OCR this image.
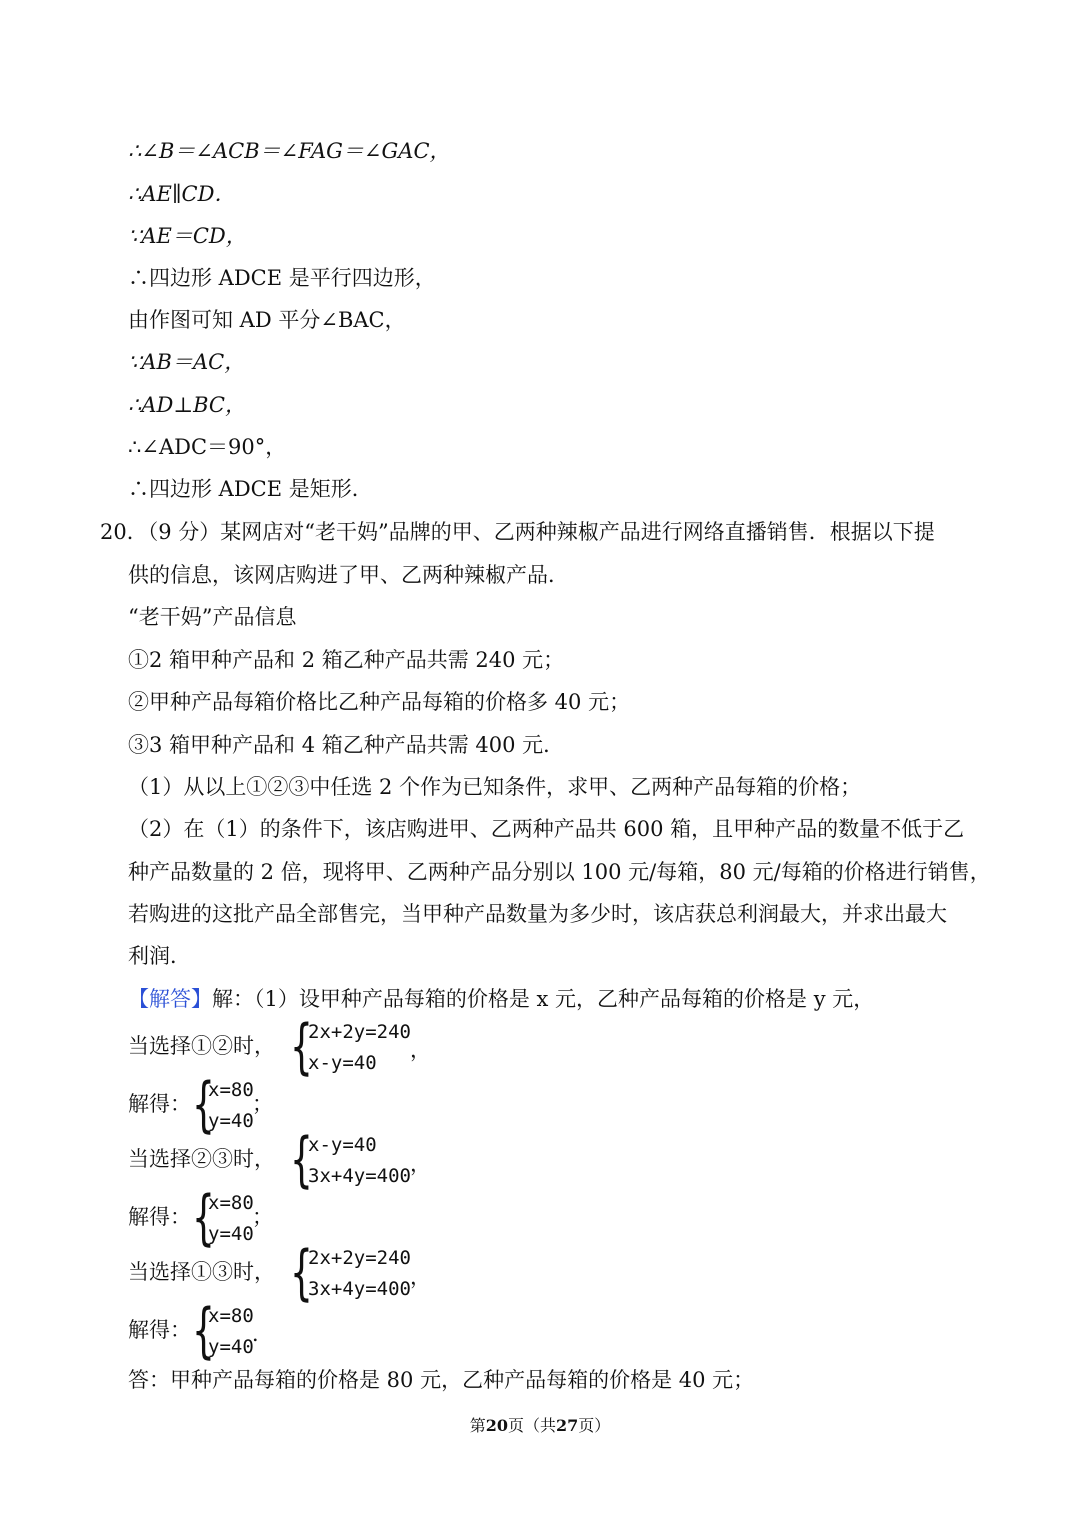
∴∠B＝∠ACB＝∠FAG＝∠GAC，
∴AE∥CD．
∵AE＝CD，
∴四边形 ADCE 是平行四边形，
由作图可知 AD 平分∠BAC，
∵AB＝AC，
∴AD⊥BC，
∴∠ADC＝90°，
∴四边形 ADCE 是矩形．
20．（9 分）某网店对“老干妈”品牌的甲、乙两种辣椒产品进行网络直播销售．根据以下提
供的信息，该网店购进了甲、乙两种辣椒产品．
“老干妈”产品信息
①2 箱甲种产品和 2 箱乙种产品共需 240 元；
②甲种产品每箱价格比乙种产品每箱的价格多 40 元；
③3 箱甲种产品和 4 箱乙种产品共需 400 元．
（1）从以上①②③中任选 2 个作为已知条件，求甲、乙两种产品每箱的价格；
（2）在（1）的条件下，该店购进甲、乙两种产品共 600 箱，且甲种产品的数量不低于乙
种产品数量的 2 倍，现将甲、乙两种产品分别以 100 元/每箱，80 元/每箱的价格进行销售，
若购进的这批产品全部售完，当甲种产品数量为多少时，该店获总利润最大，并求出最大
利润．
【解答】解：（1）设甲种产品每箱的价格是 x 元，乙种产品每箱的价格是 y 元，
当选择①②时， {
2x+2y=240
x-y=40
，
解得： {
x=80
y=40
；
当选择②③时， {
x-y=40
3x+4y=400 ，
解得： {
x=80
y=40
；
当选择①③时， {
2x+2y=240
3x+4y=400 ，
解得： {
x=80
y=40
．
答：甲种产品每箱的价格是 80 元，乙种产品每箱的价格是 40 元；
第20页（共27页）
